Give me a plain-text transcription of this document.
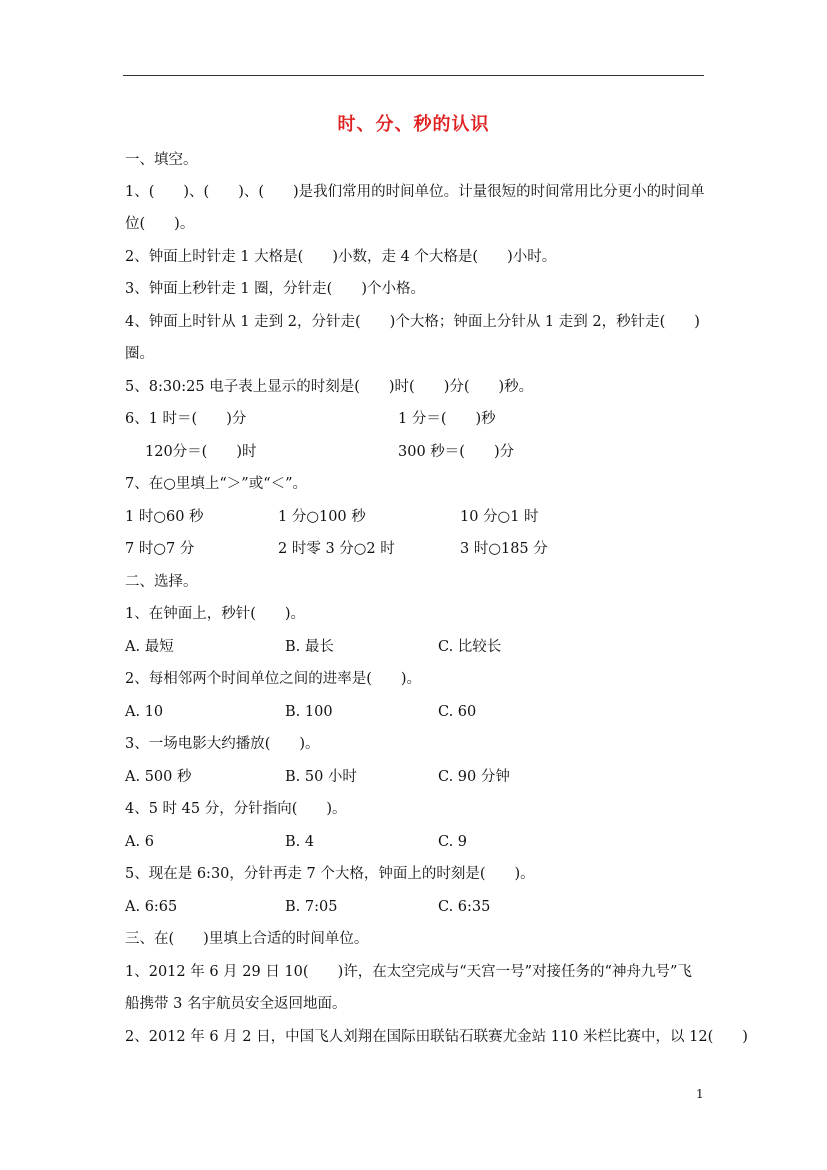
时、分、秒的认识
一、填空。
1、(　　)、(　　)、(　　)是我们常用的时间单位。计量很短的时间常用比分更小的时间单
位(　　)。
2、钟面上时针走 1 大格是(　　)小数，走 4 个大格是(　　)小时。
3、钟面上秒针走 1 圈，分针走(　　)个小格。
4、钟面上时针从 1 走到 2，分针走(　　)个大格；钟面上分针从 1 走到 2，秒针走(　　)
圈。
5、8:30:25 电子表上显示的时刻是(　　)时(　　)分(　　)秒。
6、1 时＝(　　)分	1 分＝(　　)秒
120分＝(　　)时	300 秒＝(　　)分
7、在○里填上“＞”或“＜”。
1 时○60 秒	1 分○100 秒	10 分○1 时
7 时○7 分	2 时零 3 分○2 时	3 时○185 分
二、选择。
1、在钟面上，秒针(　　)。
A. 最短	B. 最长	C. 比较长
2、每相邻两个时间单位之间的进率是(　　)。
A. 10	B. 100	C. 60
3、一场电影大约播放(　　)。
A. 500 秒	B. 50 小时	C. 90 分钟
4、5 时 45 分，分针指向(　　)。
A. 6	B. 4	C. 9
5、现在是 6:30，分针再走 7 个大格，钟面上的时刻是(　　)。
A. 6:65	B. 7:05	C. 6:35
三、在(　　)里填上合适的时间单位。
1、2012 年 6 月 29 日 10(　　)许，在太空完成与“天宫一号”对接任务的“神舟九号”飞
船携带 3 名宇航员安全返回地面。
2、2012 年 6 月 2 日，中国飞人刘翔在国际田联钻石联赛尤金站 110 米栏比赛中，以 12(　　)
1
